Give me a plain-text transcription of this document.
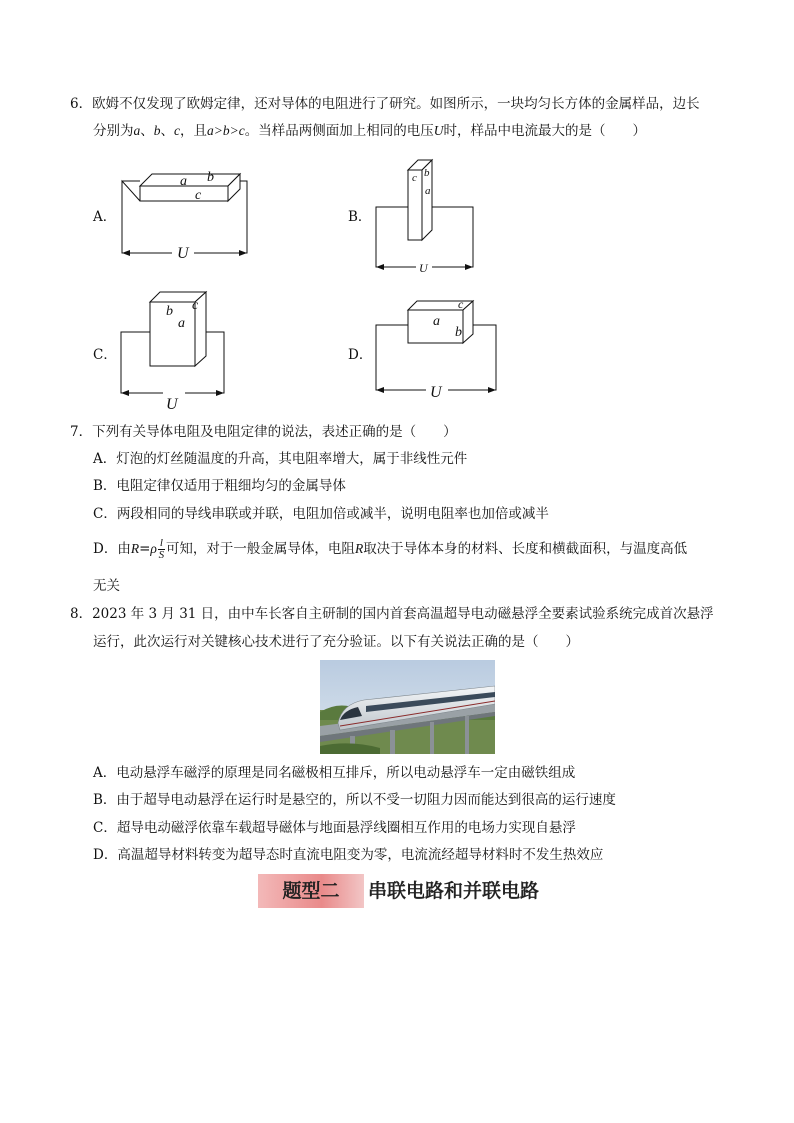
6．欧姆不仅发现了欧姆定律，还对导体的电阻进行了研究。如图所示，一块均匀长方体的金属样品，边长
分别为a、b、c，且a>b>c。当样品两侧面加上相同的电压U时，样品中电流最大的是（　　）
A．
a b
c
U
B．
c b
a
U
C．
b c
a
U
D．
a
c
b
U
7．下列有关导体电阻及电阻定律的说法，表述正确的是（　　）
A．灯泡的灯丝随温度的升高，其电阻率增大，属于非线性元件
B．电阻定律仅适用于粗细均匀的金属导体
C．两段相同的导线串联或并联，电阻加倍或减半，说明电阻率也加倍或减半
D．由$R=\rho \frac{l}{S}$ 可知，对于一般金属导体，电阻R取决于导体本身的材料、长度和横截面积，与温度高低
无关
8．2023 年 3 月 31 日，由中车长客自主研制的国内首套高温超导电动磁悬浮全要素试验系统完成首次悬浮
运行，此次运行对关键核心技术进行了充分验证。以下有关说法正确的是（　　）
A．电动悬浮车磁浮的原理是同名磁极相互排斥，所以电动悬浮车一定由磁铁组成
B．由于超导电动悬浮在运行时是悬空的，所以不受一切阻力因而能达到很高的运行速度
C．超导电动磁浮依靠车载超导磁体与地面悬浮线圈相互作用的电场力实现自悬浮
D．高温超导材料转变为超导态时直流电阻变为零，电流流经超导材料时不发生热效应
题型二	串联电路和并联电路
